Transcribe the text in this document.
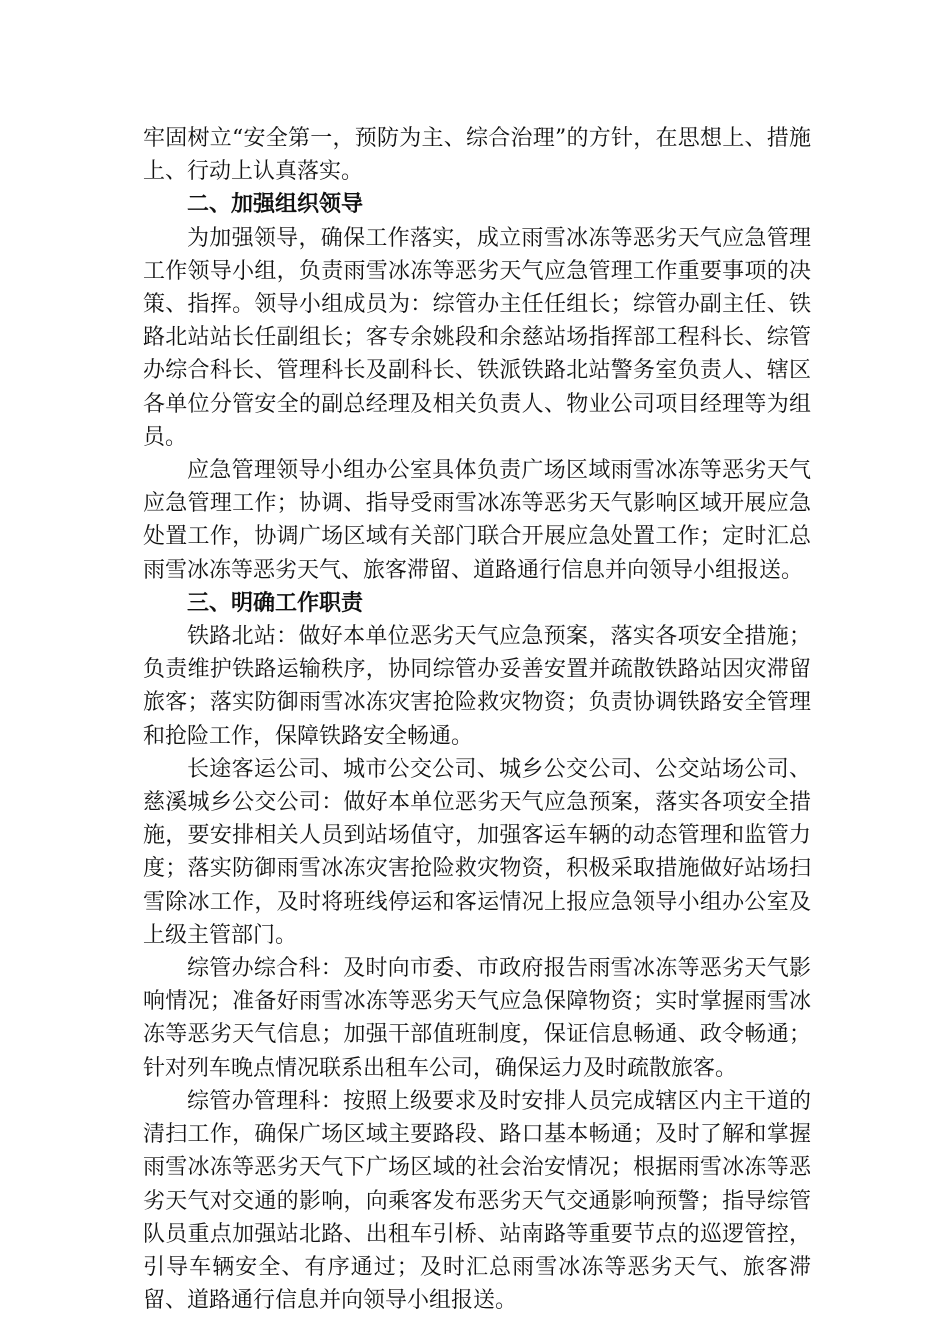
牢固树立“安全第一，预防为主、综合治理”的方针，在思想上、措施上、行动上认真落实。

二、加强组织领导

为加强领导，确保工作落实，成立雨雪冰冻等恶劣天气应急管理工作领导小组，负责雨雪冰冻等恶劣天气应急管理工作重要事项的决策、指挥。领导小组成员为：综管办主任任组长；综管办副主任、铁路北站站长任副组长；客专余姚段和余慈站场指挥部工程科长、综管办综合科长、管理科长及副科长、铁派铁路北站警务室负责人、辖区各单位分管安全的副总经理及相关负责人、物业公司项目经理等为组员。

应急管理领导小组办公室具体负责广场区域雨雪冰冻等恶劣天气应急管理工作；协调、指导受雨雪冰冻等恶劣天气影响区域开展应急处置工作，协调广场区域有关部门联合开展应急处置工作；定时汇总雨雪冰冻等恶劣天气、旅客滞留、道路通行信息并向领导小组报送。

三、明确工作职责

铁路北站：做好本单位恶劣天气应急预案，落实各项安全措施；负责维护铁路运输秩序，协同综管办妥善安置并疏散铁路站因灾滞留旅客；落实防御雨雪冰冻灾害抢险救灾物资；负责协调铁路安全管理和抢险工作，保障铁路安全畅通。

长途客运公司、城市公交公司、城乡公交公司、公交站场公司、慈溪城乡公交公司：做好本单位恶劣天气应急预案，落实各项安全措施，要安排相关人员到站场值守，加强客运车辆的动态管理和监管力度；落实防御雨雪冰冻灾害抢险救灾物资，积极采取措施做好站场扫雪除冰工作，及时将班线停运和客运情况上报应急领导小组办公室及上级主管部门。

综管办综合科：及时向市委、市政府报告雨雪冰冻等恶劣天气影响情况；准备好雨雪冰冻等恶劣天气应急保障物资；实时掌握雨雪冰冻等恶劣天气信息；加强干部值班制度，保证信息畅通、政令畅通；针对列车晚点情况联系出租车公司，确保运力及时疏散旅客。

综管办管理科：按照上级要求及时安排人员完成辖区内主干道的清扫工作，确保广场区域主要路段、路口基本畅通；及时了解和掌握雨雪冰冻等恶劣天气下广场区域的社会治安情况；根据雨雪冰冻等恶劣天气对交通的影响，向乘客发布恶劣天气交通影响预警；指导综管队员重点加强站北路、出租车引桥、站南路等重要节点的巡逻管控，引导车辆安全、有序通过；及时汇总雨雪冰冻等恶劣天气、旅客滞留、道路通行信息并向领导小组报送。
